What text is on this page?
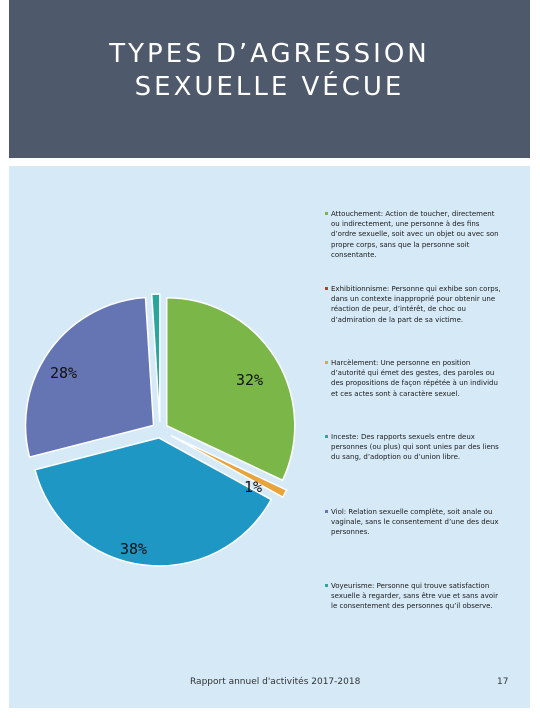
TYPES D’AGRESSION
SEXUELLE VÉCUE
32%
1%
38%
28%
Attouchement: Action de toucher, directement ou indirectement, une personne à des fins d’ordre sexuelle, soit avec un objet ou avec son propre corps, sans que la personne soit consentante.
Exhibitionnisme: Personne qui exhibe son corps, dans un contexte inapproprié pour obtenir une réaction de peur, d’intérêt, de choc ou d’admiration de la part de sa victime.
Harcèlement: Une personne en position d’autorité qui émet des gestes, des paroles ou des propositions de façon répétée à un individu et ces actes sont à caractère sexuel.
Inceste: Des rapports sexuels entre deux personnes (ou plus) qui sont unies par des liens du sang, d’adoption ou d’union libre.
Viol: Relation sexuelle complète, soit anale ou vaginale, sans le consentement d’une des deux personnes.
Voyeurisme: Personne qui trouve satisfaction sexuelle à regarder, sans être vue et sans avoir le consentement des personnes qu’il observe.
Rapport annuel d'activités 2017-2018	17
